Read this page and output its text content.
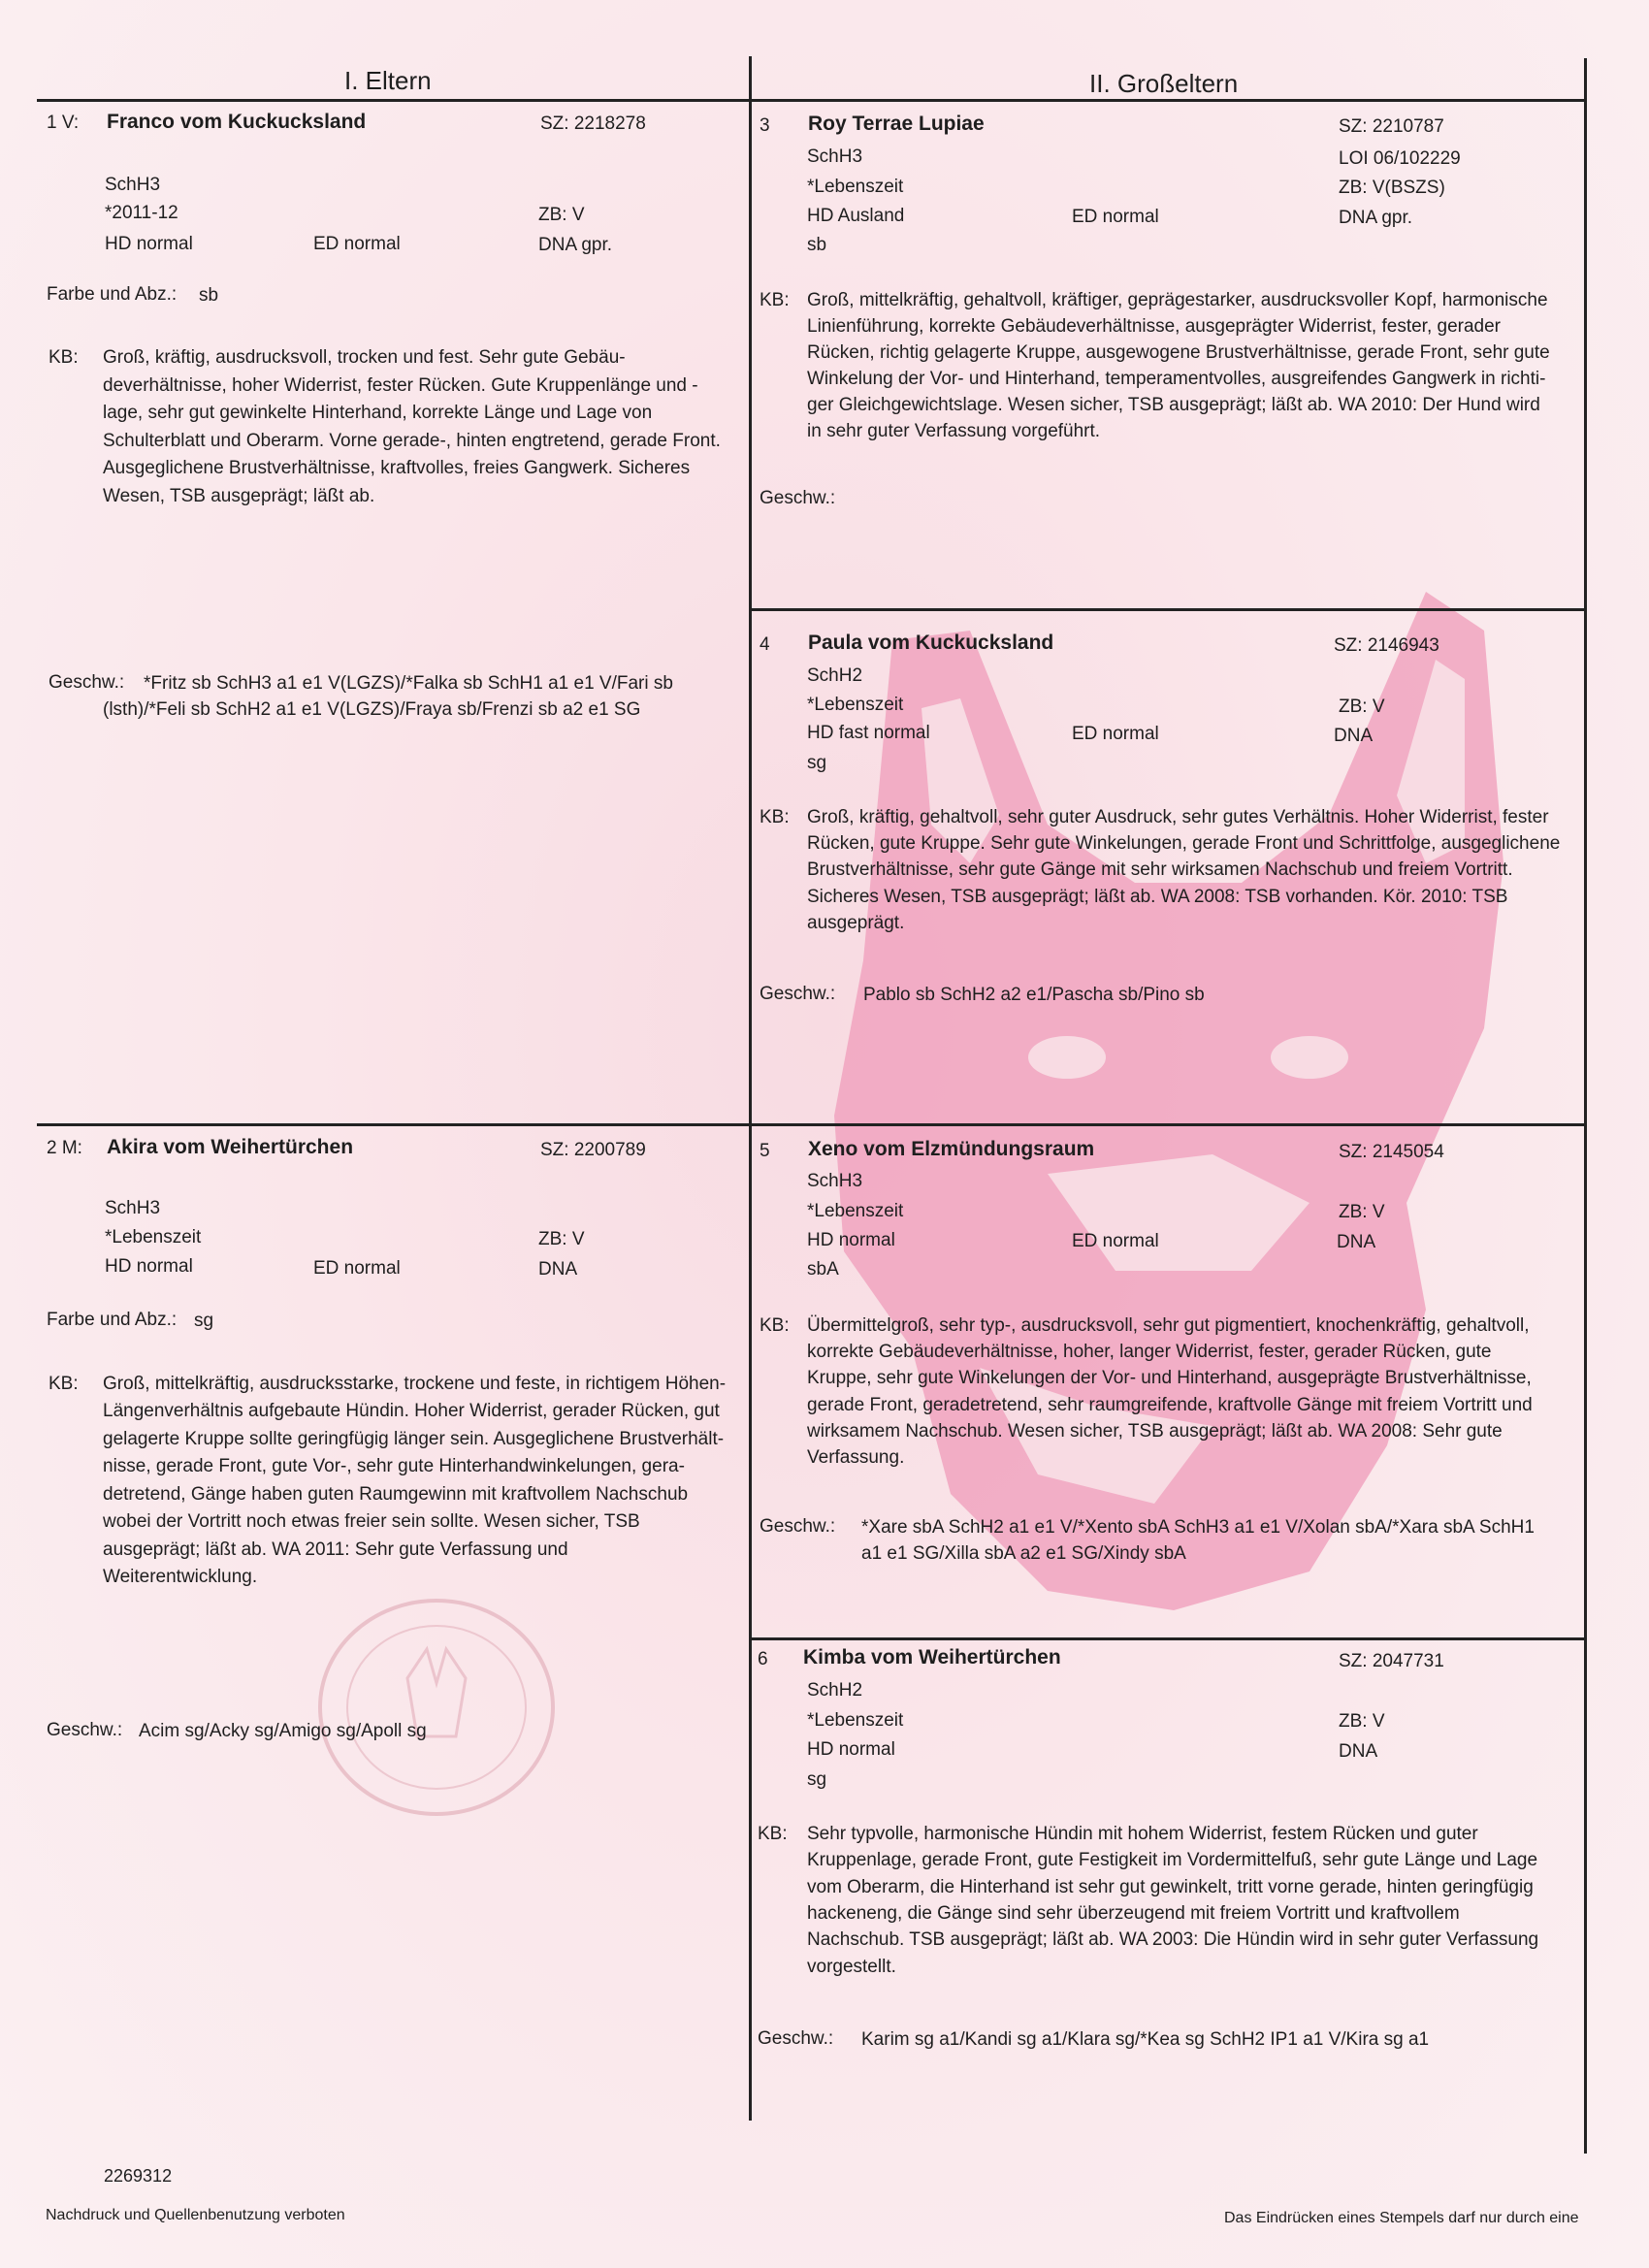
I. Eltern	II. Großeltern
1 V: Franco vom Kuckucksland	SZ: 2218278
SchH3
*2011-12	ZB: V
HD normal	ED normal	DNA gpr.
Farbe und Abz.: sb
KB: Groß, kräftig, ausdrucksvoll, trocken und fest. Sehr gute Gebäu-
deverhältnisse, hoher Widerrist, fester Rücken. Gute Kruppenlänge und -
lage, sehr gut gewinkelte Hinterhand, korrekte Länge und Lage von
Schulterblatt und Oberarm. Vorne gerade-, hinten engtretend, gerade Front.
Ausgeglichene Brustverhältnisse, kraftvolles, freies Gangwerk. Sicheres
Wesen, TSB ausgeprägt; läßt ab.
Geschw.: *Fritz sb SchH3 a1 e1 V(LGZS)/*Falka sb SchH1 a1 e1 V/Fari sb
(lsth)/*Feli sb SchH2 a1 e1 V(LGZS)/Fraya sb/Frenzi sb a2 e1 SG
2 M: Akira vom Weihertürchen	SZ: 2200789
SchH3
*Lebenszeit	ZB: V
HD normal	ED normal	DNA
Farbe und Abz.: sg
KB: Groß, mittelkräftig, ausdrucksstarke, trockene und feste, in richtigem Höhen-
Längenverhältnis aufgebaute Hündin. Hoher Widerrist, gerader Rücken, gut
gelagerte Kruppe sollte geringfügig länger sein. Ausgeglichene Brustverhält-
nisse, gerade Front, gute Vor-, sehr gute Hinterhandwinkelungen, gera-
detretend, Gänge haben guten Raumgewinn mit kraftvollem Nachschub
wobei der Vortritt noch etwas freier sein sollte. Wesen sicher, TSB
ausgeprägt; läßt ab. WA 2011: Sehr gute Verfassung und
Weiterentwicklung.
Geschw.: Acim sg/Acky sg/Amigo sg/Apoll sg
3 Roy Terrae Lupiae	SZ: 2210787
SchH3	LOI 06/102229
*Lebenszeit	ZB: V(BSZS)
HD Ausland	ED normal	DNA gpr.
sb
KB: Groß, mittelkräftig, gehaltvoll, kräftiger, geprägestarker, ausdrucksvoller Kopf, harmonische
Linienführung, korrekte Gebäudeverhältnisse, ausgeprägter Widerrist, fester, gerader
Rücken, richtig gelagerte Kruppe, ausgewogene Brustverhältnisse, gerade Front, sehr gute
Winkelung der Vor- und Hinterhand, temperamentvolles, ausgreifendes Gangwerk in richti-
ger Gleichgewichtslage. Wesen sicher, TSB ausgeprägt; läßt ab. WA 2010: Der Hund wird
in sehr guter Verfassung vorgeführt.
Geschw.:
4 Paula vom Kuckucksland	SZ: 2146943
SchH2
*Lebenszeit	ZB: V
HD fast normal	ED normal	DNA
sg
KB: Groß, kräftig, gehaltvoll, sehr guter Ausdruck, sehr gutes Verhältnis. Hoher Widerrist, fester
Rücken, gute Kruppe. Sehr gute Winkelungen, gerade Front und Schrittfolge, ausgeglichene
Brustverhältnisse, sehr gute Gänge mit sehr wirksamen Nachschub und freiem Vortritt.
Sicheres Wesen, TSB ausgeprägt; läßt ab. WA 2008: TSB vorhanden. Kör. 2010: TSB
ausgeprägt.
Geschw.: Pablo sb SchH2 a2 e1/Pascha sb/Pino sb
5 Xeno vom Elzmündungsraum	SZ: 2145054
SchH3
*Lebenszeit	ZB: V
HD normal	ED normal	DNA
sbA
KB: Übermittelgroß, sehr typ-, ausdrucksvoll, sehr gut pigmentiert, knochenkräftig, gehaltvoll,
korrekte Gebäudeverhältnisse, hoher, langer Widerrist, fester, gerader Rücken, gute
Kruppe, sehr gute Winkelungen der Vor- und Hinterhand, ausgeprägte Brustverhältnisse,
gerade Front, geradetretend, sehr raumgreifende, kraftvolle Gänge mit freiem Vortritt und
wirksamem Nachschub. Wesen sicher, TSB ausgeprägt; läßt ab. WA 2008: Sehr gute
Verfassung.
Geschw.: *Xare sbA SchH2 a1 e1 V/*Xento sbA SchH3 a1 e1 V/Xolan sbA/*Xara sbA SchH1
a1 e1 SG/Xilla sbA a2 e1 SG/Xindy sbA
6 Kimba vom Weihertürchen	SZ: 2047731
SchH2
*Lebenszeit	ZB: V
HD normal	DNA
sg
KB: Sehr typvolle, harmonische Hündin mit hohem Widerrist, festem Rücken und guter
Kruppenlage, gerade Front, gute Festigkeit im Vordermittelfuß, sehr gute Länge und Lage
vom Oberarm, die Hinterhand ist sehr gut gewinkelt, tritt vorne gerade, hinten geringfügig
hackeneng, die Gänge sind sehr überzeugend mit freiem Vortritt und kraftvollem
Nachschub. TSB ausgeprägt; läßt ab. WA 2003: Die Hündin wird in sehr guter Verfassung
vorgestellt.
Geschw.: Karim sg a1/Kandi sg a1/Klara sg/*Kea sg SchH2 IP1 a1 V/Kira sg a1
2269312
Nachdruck und Quellenbenutzung verboten	Das Eindrücken eines Stempels darf nur durch eine
